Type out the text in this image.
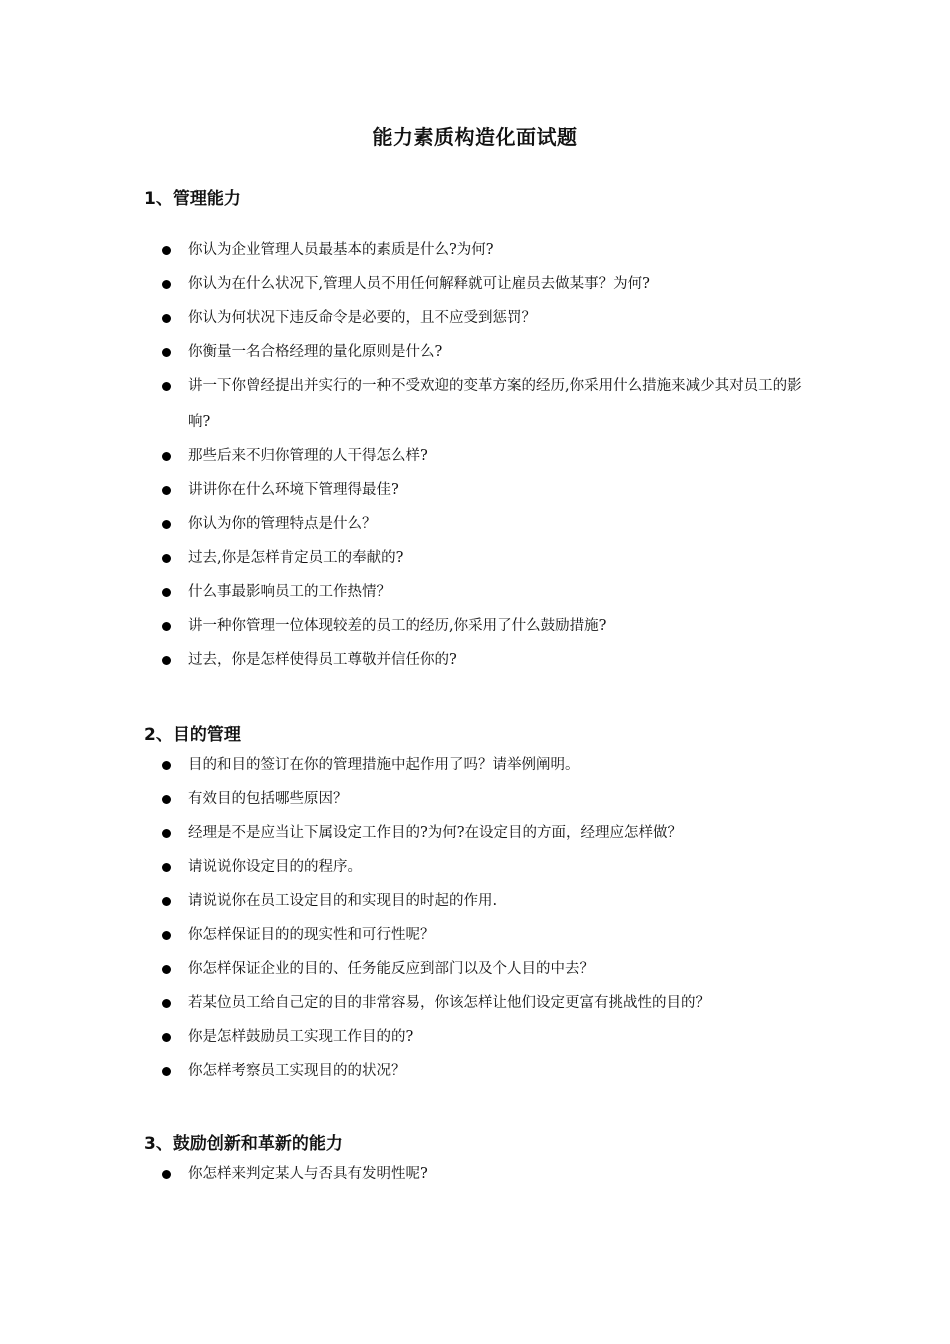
能力素质构造化面试题
1、管理能力
你认为企业管理人员最基本的素质是什么?为何?
你认为在什么状况下,管理人员不用任何解释就可让雇员去做某事？为何?
你认为何状况下违反命令是必要的，且不应受到惩罚？
你衡量一名合格经理的量化原则是什么?
讲一下你曾经提出并实行的一种不受欢迎的变革方案的经历,你采用什么措施来减少其对员工的影响?
那些后来不归你管理的人干得怎么样?
讲讲你在什么环境下管理得最佳?
你认为你的管理特点是什么？
过去,你是怎样肯定员工的奉献的?
什么事最影响员工的工作热情？
讲一种你管理一位体现较差的员工的经历,你采用了什么鼓励措施?
过去，你是怎样使得员工尊敬并信任你的?
2、目的管理
目的和目的签订在你的管理措施中起作用了吗？请举例阐明。
有效目的包括哪些原因？
经理是不是应当让下属设定工作目的?为何?在设定目的方面，经理应怎样做？
请说说你设定目的的程序。
请说说你在员工设定目的和实现目的时起的作用.
你怎样保证目的的现实性和可行性呢？
你怎样保证企业的目的、任务能反应到部门以及个人目的中去？
若某位员工给自己定的目的非常容易，你该怎样让他们设定更富有挑战性的目的？
你是怎样鼓励员工实现工作目的的?
你怎样考察员工实现目的的状况？
3、鼓励创新和革新的能力
你怎样来判定某人与否具有发明性呢?
